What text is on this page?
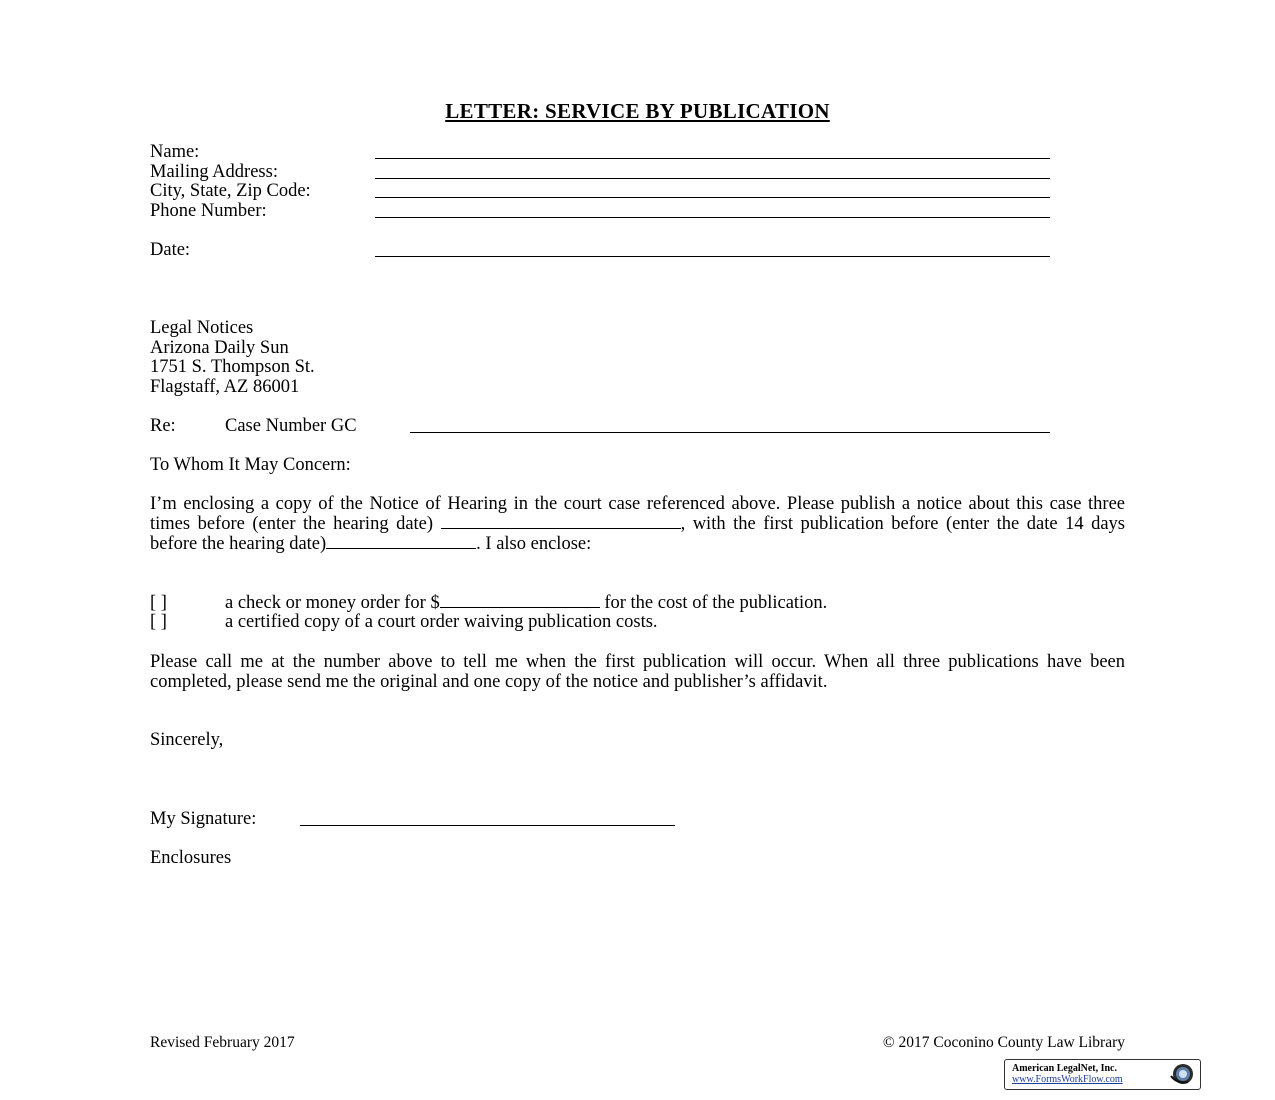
LETTER: SERVICE BY PUBLICATION
Name:
Mailing Address:
City, State, Zip Code:
Phone Number:
Date:
Legal Notices
Arizona Daily Sun
1751 S. Thompson St.
Flagstaff, AZ 86001
Re:	Case Number GC
To Whom It May Concern:
I’m enclosing a copy of the Notice of Hearing in the court case referenced above. Please publish a notice about this case three times before (enter the hearing date)	, with the first publication before (enter the date 14 days before the hearing date)	. I also enclose:
[ ]	a check or money order for $	for the cost of the publication.
[ ]	a certified copy of a court order waiving publication costs.
Please call me at the number above to tell me when the first publication will occur. When all three publications have been completed, please send me the original and one copy of the notice and publisher’s affidavit.
Sincerely,
My Signature:
Enclosures
Revised February 2017	© 2017 Coconino County Law Library
American LegalNet, Inc.
www.FormsWorkFlow.com
